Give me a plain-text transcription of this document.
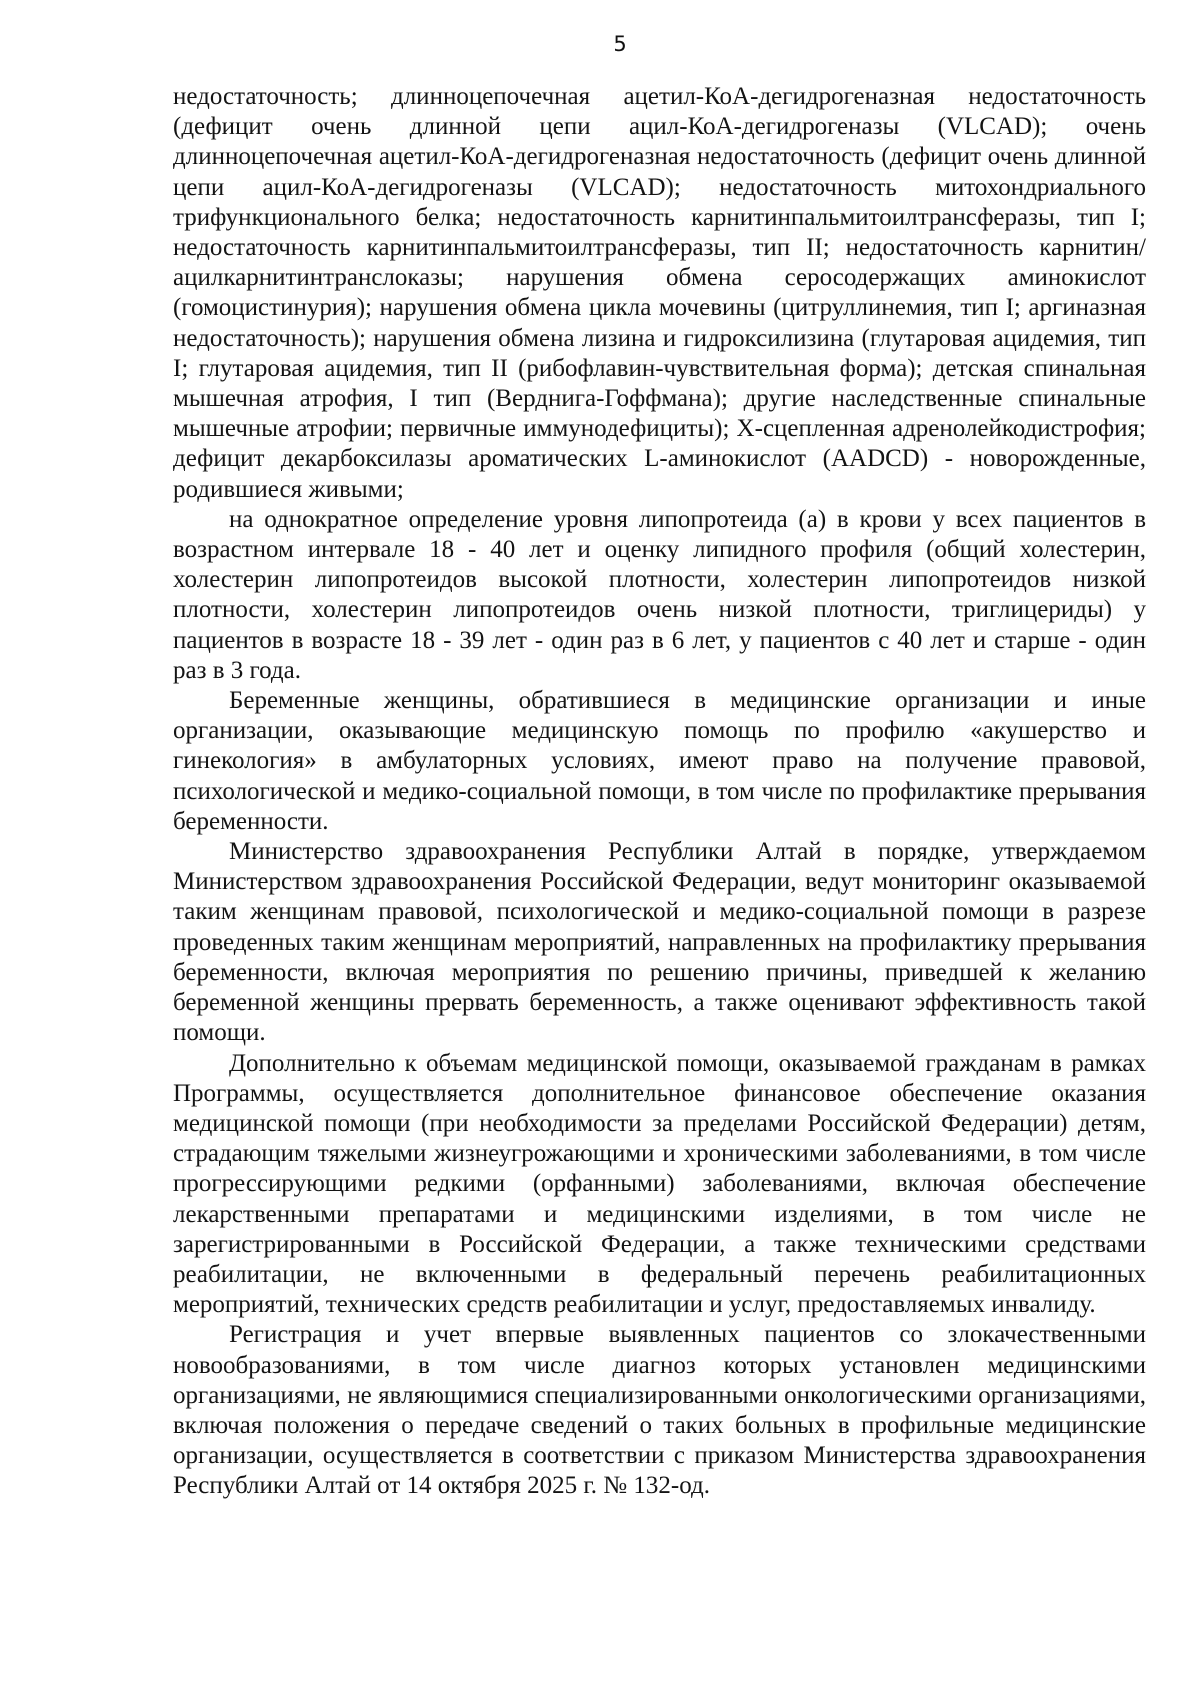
5

недостаточность; длинноцепочечная ацетил-КоА-дегидрогеназная недостаточность (дефицит очень длинной цепи ацил-КоА-дегидрогеназы (VLCAD); очень длинноцепочечная ацетил-КоА-дегидрогеназная недостаточность (дефицит очень длинной цепи ацил-КоА-дегидрогеназы (VLCAD); недостаточность митохондриального трифункционального белка; недостаточность карнитинпальмитоилтрансферазы, тип I; недостаточность карнитинпальмитоилтрансферазы, тип II; недостаточность карнитин/ацилкарнитинтранслоказы; нарушения обмена серосодержащих аминокислот (гомоцистинурия); нарушения обмена цикла мочевины (цитруллинемия, тип I; аргиназная недостаточность); нарушения обмена лизина и гидроксилизина (глутаровая ацидемия, тип I; глутаровая ацидемия, тип II (рибофлавин-чувствительная форма); детская спинальная мышечная атрофия, I тип (Верднига-Гоффмана); другие наследственные спинальные мышечные атрофии; первичные иммунодефициты); Х-сцепленная адренолейкодистрофия; дефицит декарбоксилазы ароматических L-аминокислот (AADCD) - новорожденные, родившиеся живыми;

на однократное определение уровня липопротеида (а) в крови у всех пациентов в возрастном интервале 18 - 40 лет и оценку липидного профиля (общий холестерин, холестерин липопротеидов высокой плотности, холестерин липопротеидов низкой плотности, холестерин липопротеидов очень низкой плотности, триглицериды) у пациентов в возрасте 18 - 39 лет - один раз в 6 лет, у пациентов с 40 лет и старше - один раз в 3 года.

Беременные женщины, обратившиеся в медицинские организации и иные организации, оказывающие медицинскую помощь по профилю «акушерство и гинекология» в амбулаторных условиях, имеют право на получение правовой, психологической и медико-социальной помощи, в том числе по профилактике прерывания беременности.

Министерство здравоохранения Республики Алтай в порядке, утверждаемом Министерством здравоохранения Российской Федерации, ведут мониторинг оказываемой таким женщинам правовой, психологической и медико-социальной помощи в разрезе проведенных таким женщинам мероприятий, направленных на профилактику прерывания беременности, включая мероприятия по решению причины, приведшей к желанию беременной женщины прервать беременность, а также оценивают эффективность такой помощи.

Дополнительно к объемам медицинской помощи, оказываемой гражданам в рамках Программы, осуществляется дополнительное финансовое обеспечение оказания медицинской помощи (при необходимости за пределами Российской Федерации) детям, страдающим тяжелыми жизнеугрожающими и хроническими заболеваниями, в том числе прогрессирующими редкими (орфанными) заболеваниями, включая обеспечение лекарственными препаратами и медицинскими изделиями, в том числе не зарегистрированными в Российской Федерации, а также техническими средствами реабилитации, не включенными в федеральный перечень реабилитационных мероприятий, технических средств реабилитации и услуг, предоставляемых инвалиду.

Регистрация и учет впервые выявленных пациентов со злокачественными новообразованиями, в том числе диагноз которых установлен медицинскими организациями, не являющимися специализированными онкологическими организациями, включая положения о передаче сведений о таких больных в профильные медицинские организации, осуществляется в соответствии с приказом Министерства здравоохранения Республики Алтай от 14 октября 2025 г. № 132-од.
